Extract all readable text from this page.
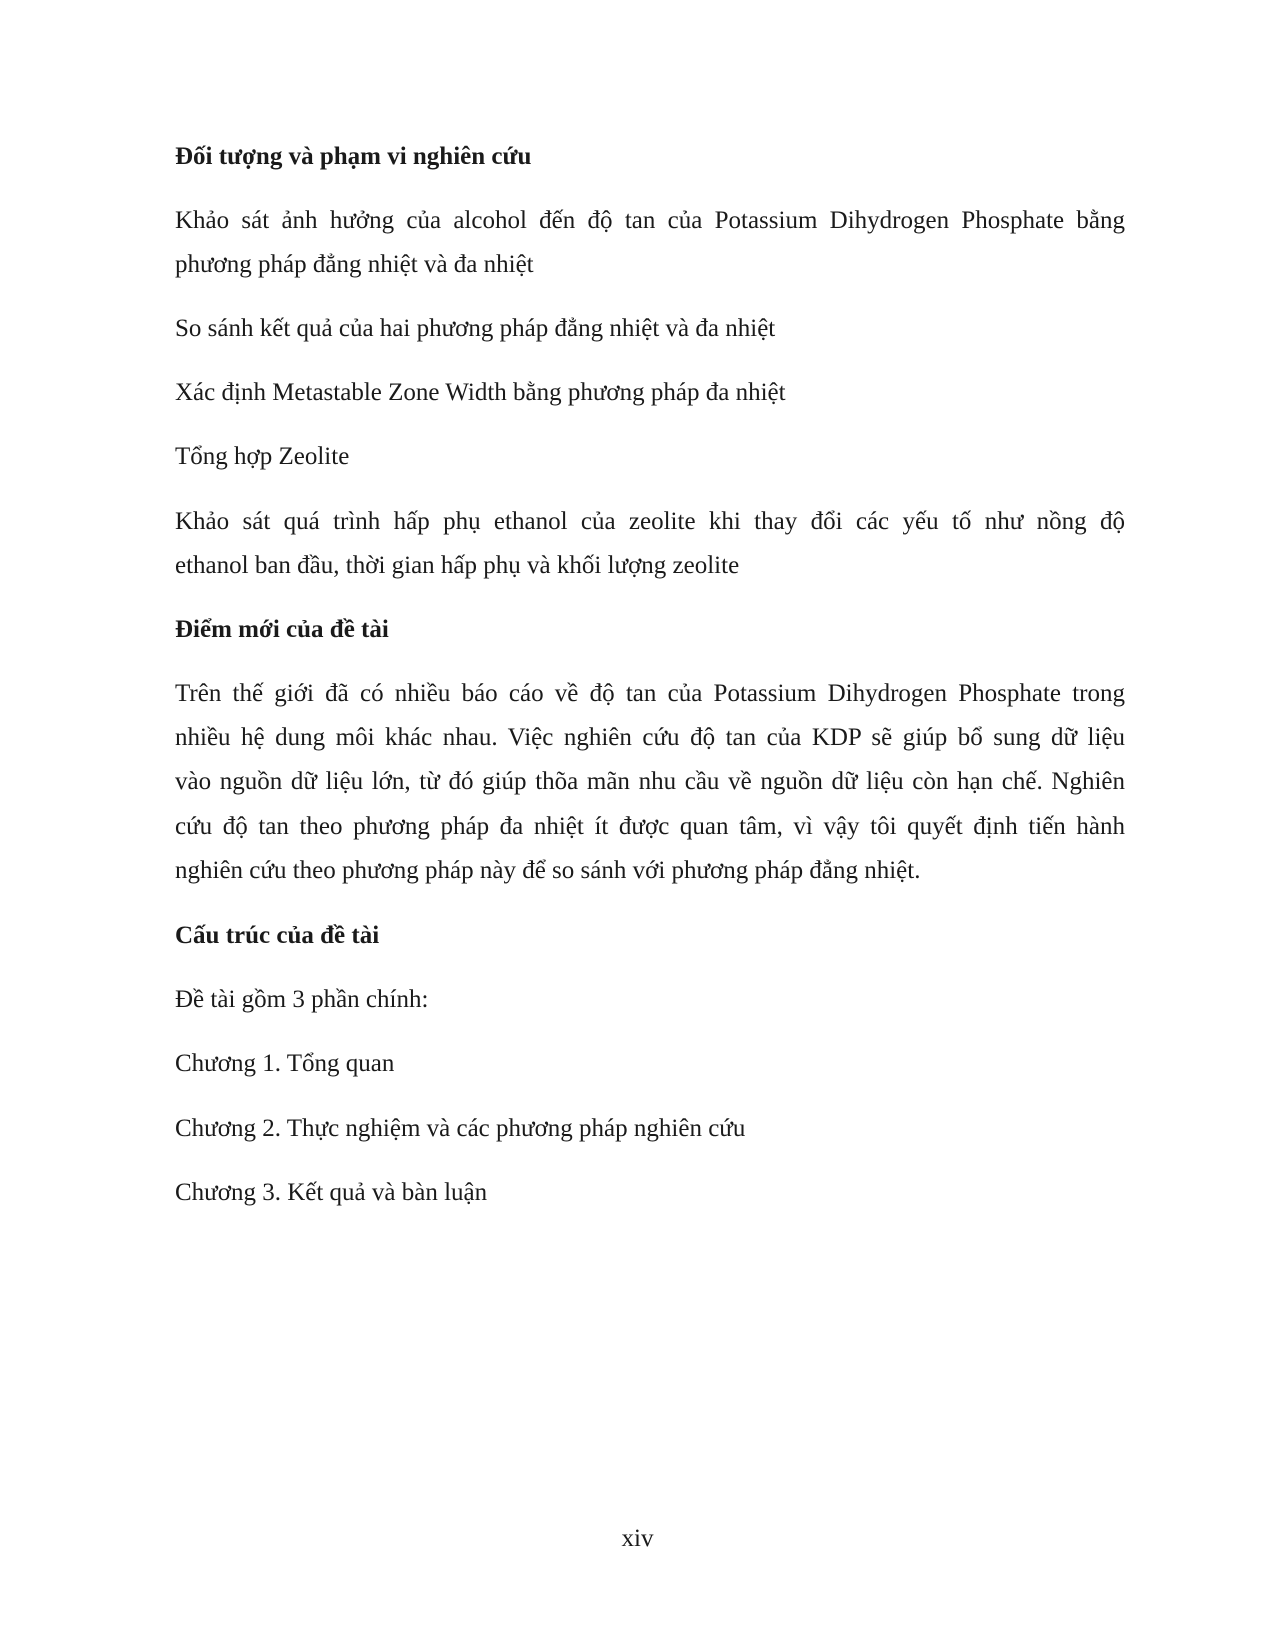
Đối tượng và phạm vi nghiên cứu
Khảo sát ảnh hưởng của alcohol đến độ tan của Potassium Dihydrogen Phosphate bằng
phương pháp đẳng nhiệt và đa nhiệt
So sánh kết quả của hai phương pháp đẳng nhiệt và đa nhiệt
Xác định Metastable Zone Width bằng phương pháp đa nhiệt
Tổng hợp Zeolite
Khảo sát quá trình hấp phụ ethanol của zeolite khi thay đổi các yếu tố như nồng độ
ethanol ban đầu, thời gian hấp phụ và khối lượng zeolite
Điểm mới của đề tài
Trên thế giới đã có nhiều báo cáo về độ tan của Potassium Dihydrogen Phosphate trong
nhiều hệ dung môi khác nhau. Việc nghiên cứu độ tan của KDP sẽ giúp bổ sung dữ liệu
vào nguồn dữ liệu lớn, từ đó giúp thõa mãn nhu cầu về nguồn dữ liệu còn hạn chế. Nghiên
cứu độ tan theo phương pháp đa nhiệt ít được quan tâm, vì vậy tôi quyết định tiến hành
nghiên cứu theo phương pháp này để so sánh với phương pháp đẳng nhiệt.
Cấu trúc của đề tài
Đề tài gồm 3 phần chính:
Chương 1. Tổng quan
Chương 2. Thực nghiệm và các phương pháp nghiên cứu
Chương 3. Kết quả và bàn luận
xiv
